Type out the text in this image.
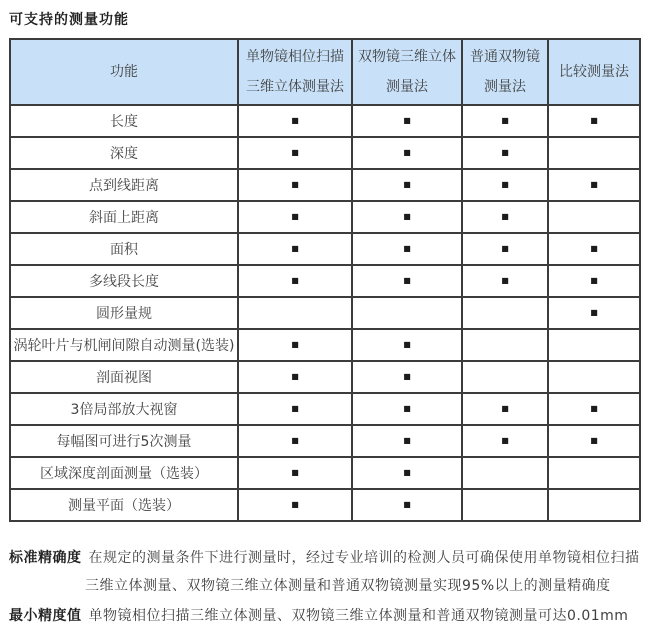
可支持的测量功能
功能	单物镜相位扫描三维立体测量法	双物镜三维立体测量法	普通双物镜测量法	比较测量法
长度	■	■	■	■
深度	■	■	■	
点到线距离	■	■	■	■
斜面上距离	■	■	■	
面积	■	■	■	■
多线段长度	■	■	■	■
圆形量规				■
涡轮叶片与机闸间隙自动测量(选装)	■	■		
剖面视图	■	■		
3倍局部放大视窗	■	■	■	■
每幅图可进行5次测量	■	■	■	■
区域深度剖面测量（选装）	■	■		
测量平面（选装）	■	■		

标准精确度 在规定的测量条件下进行测量时，经过专业培训的检测人员可确保使用单物镜相位扫描三维立体测量、双物镜三维立体测量和普通双物镜测量实现95%以上的测量精确度

最小精度值 单物镜相位扫描三维立体测量、双物镜三维立体测量和普通双物镜测量可达0.01mm
